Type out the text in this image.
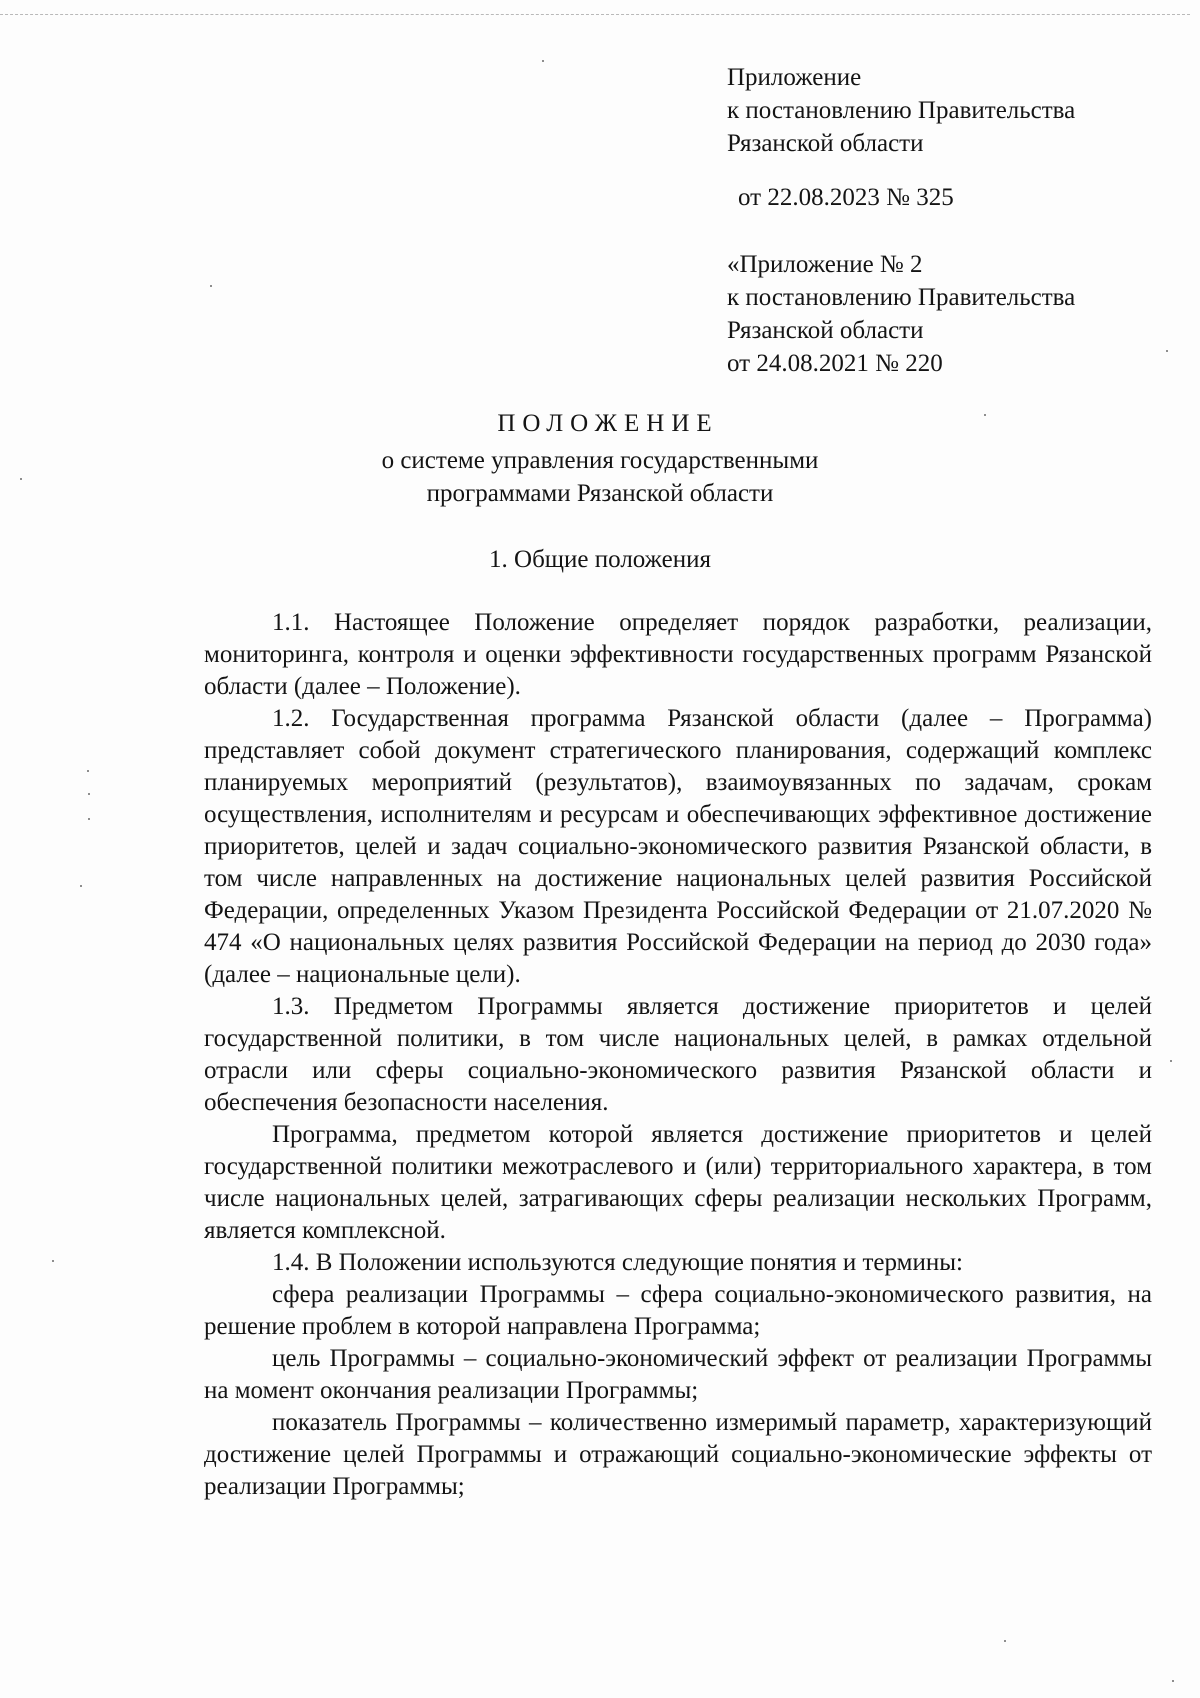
Приложение
к постановлению Правительства
Рязанской области
от 22.08.2023 № 325
«Приложение № 2
к постановлению Правительства
Рязанской области
от 24.08.2021 № 220
ПОЛОЖЕНИЕ
о системе управления государственными
программами Рязанской области
1. Общие положения

1.1. Настоящее Положение определяет порядок разработки, реализации, мониторинга, контроля и оценки эффективности государственных программ Рязанской области (далее – Положение).

1.2. Государственная программа Рязанской области (далее – Программа) представляет собой документ стратегического планирования, содержащий комплекс планируемых мероприятий (результатов), взаимоувязанных по задачам, срокам осуществления, исполнителям и ресурсам и обеспечивающих эффективное достижение приоритетов, целей и задач социально-экономического развития Рязанской области, в том числе направленных на достижение национальных целей развития Российской Федерации, определенных Указом Президента Российской Федерации от 21.07.2020 № 474 «О национальных целях развития Российской Федерации на период до 2030 года» (далее – национальные цели).

1.3. Предметом Программы является достижение приоритетов и целей государственной политики, в том числе национальных целей, в рамках отдельной отрасли или сферы социально-экономического развития Рязанской области и обеспечения безопасности населения.

Программа, предметом которой является достижение приоритетов и целей государственной политики межотраслевого и (или) территориального характера, в том числе национальных целей, затрагивающих сферы реализации нескольких Программ, является комплексной.

1.4. В Положении используются следующие понятия и термины:

сфера реализации Программы – сфера социально-экономического развития, на решение проблем в которой направлена Программа;

цель Программы – социально-экономический эффект от реализации Программы на момент окончания реализации Программы;

показатель Программы – количественно измеримый параметр, характеризующий достижение целей Программы и отражающий социально-экономические эффекты от реализации Программы;
